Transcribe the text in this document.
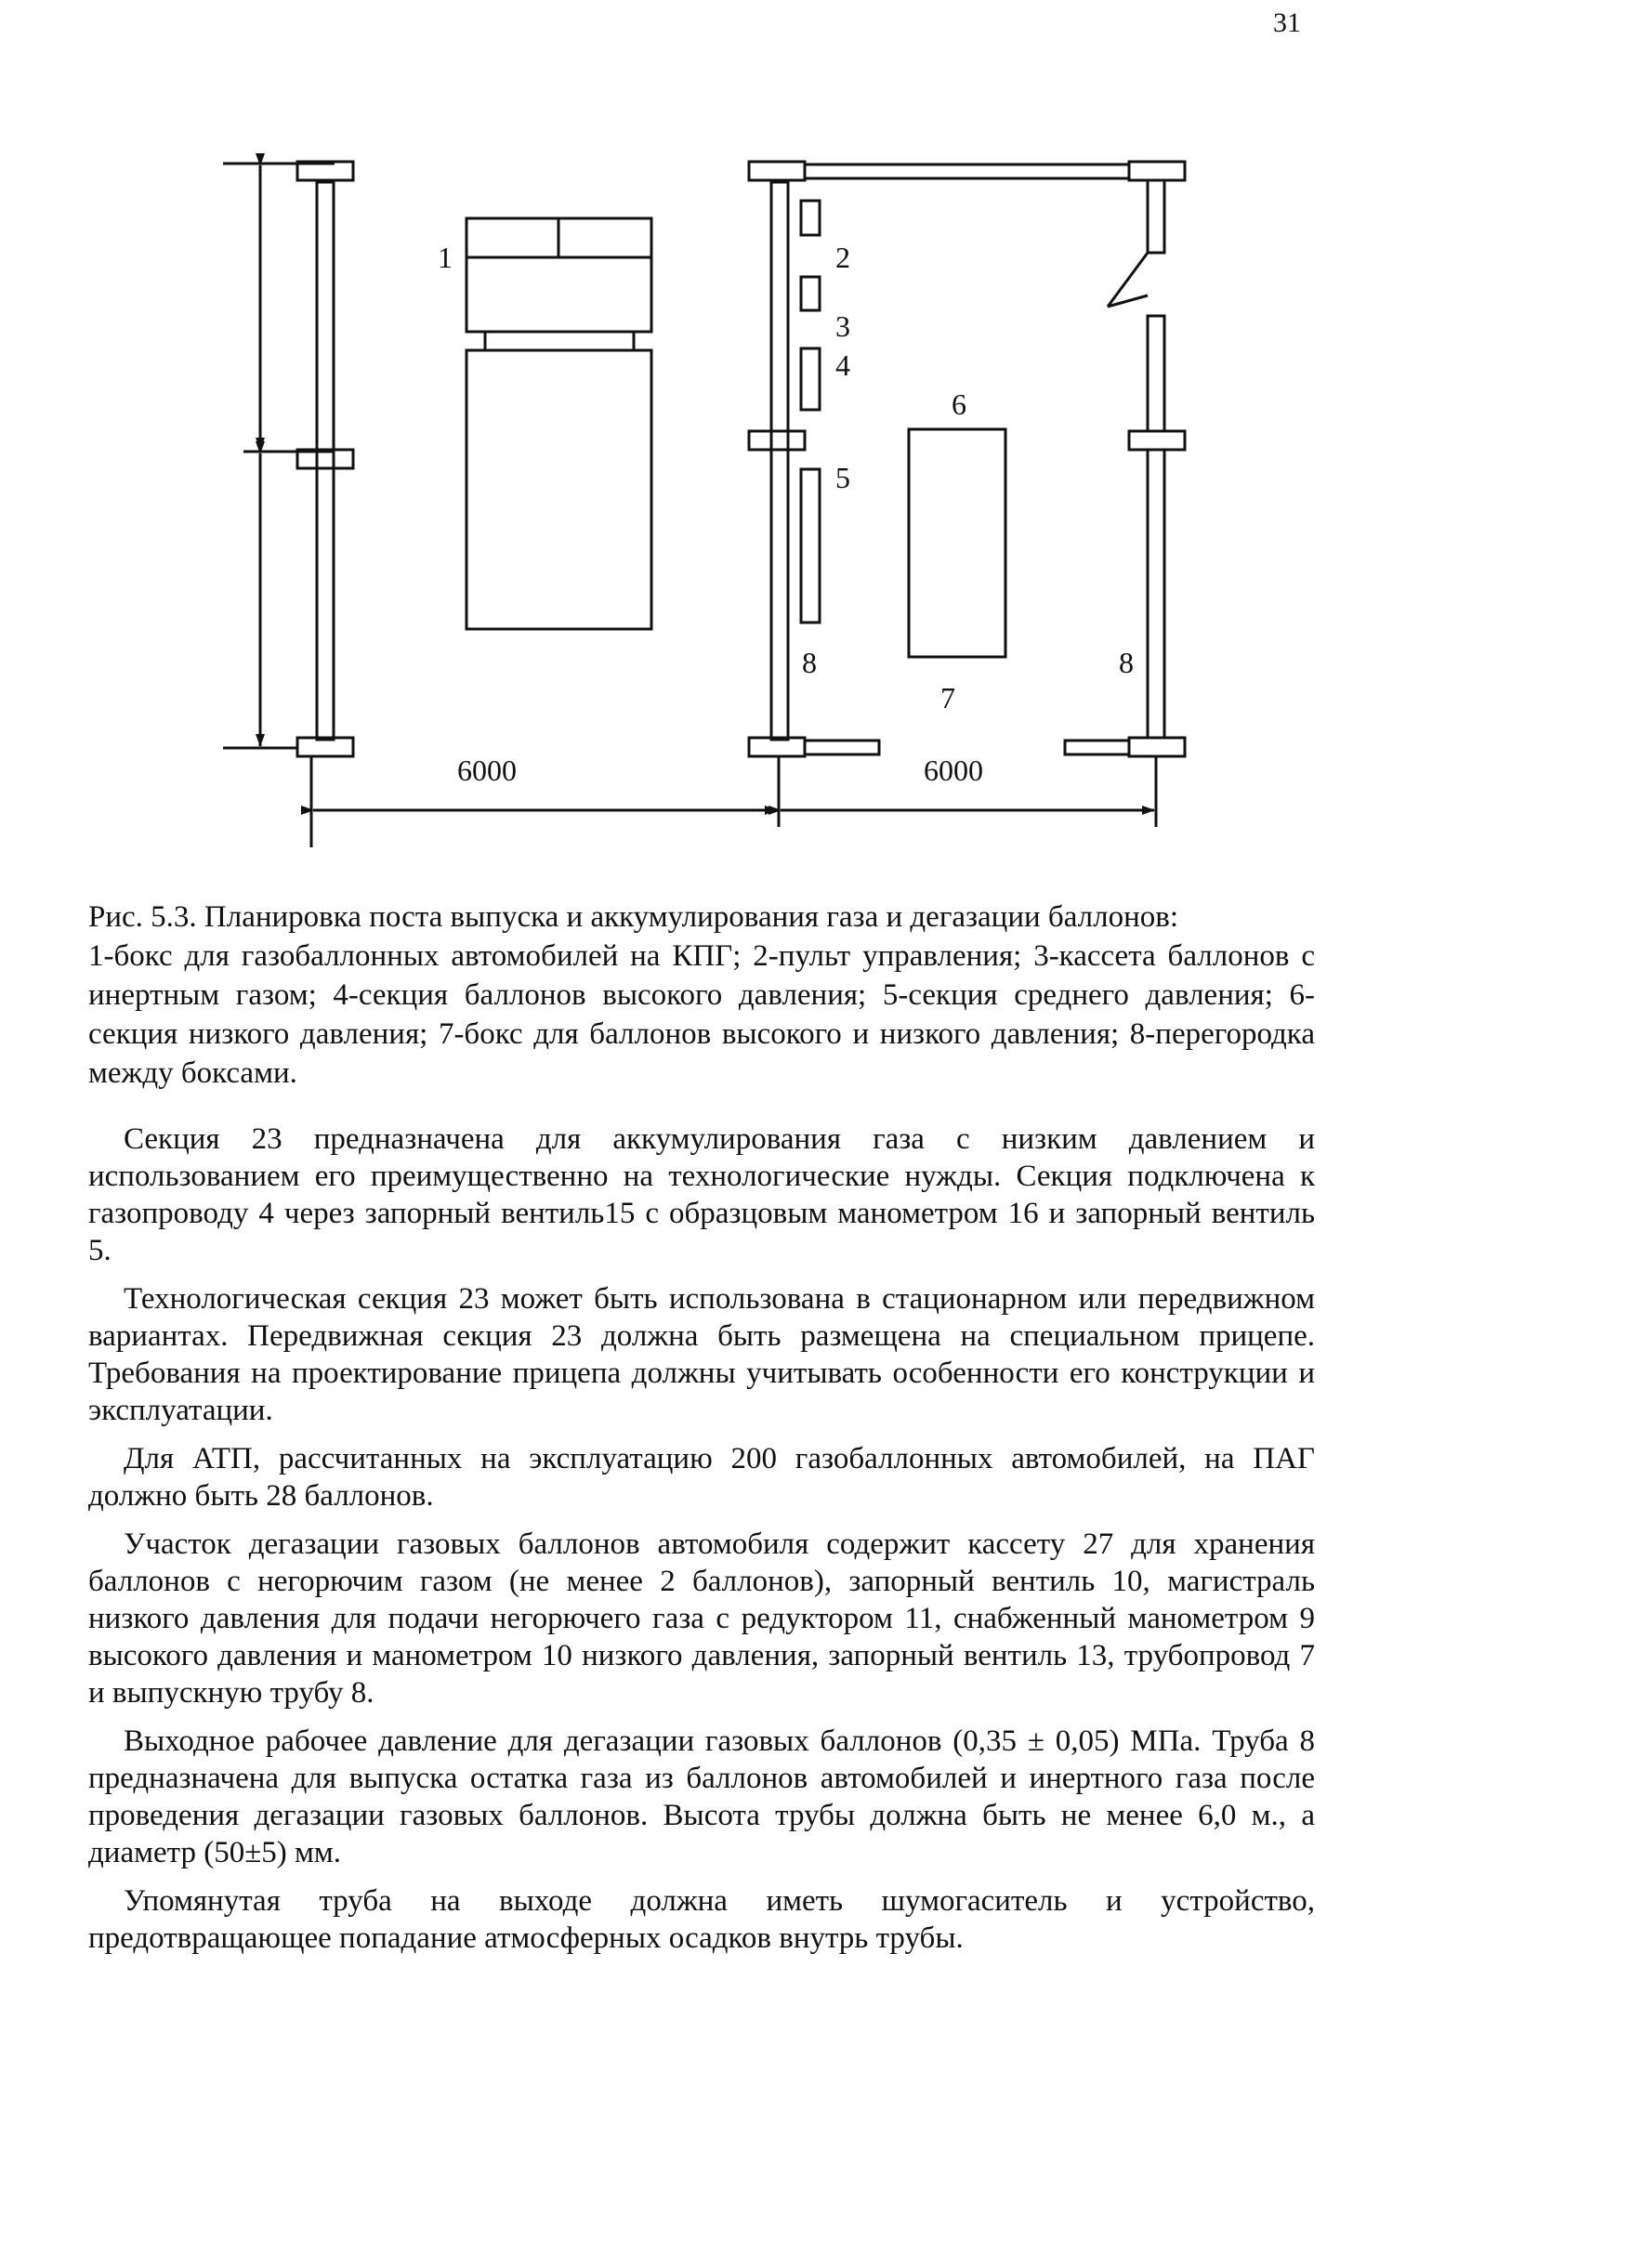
31
1	2
3
4
5
6
7
8	8
6000	6000

Рис. 5.3. Планировка поста выпуска и аккумулирования газа и дегазации баллонов:

1-бокс для газобаллонных автомобилей на КПГ; 2-пульт управления; 3-кассета баллонов с инертным газом; 4-секция баллонов высокого давления; 5-секция среднего давления; 6-секция низкого давления; 7-бокс для баллонов высокого и низкого давления; 8-перегородка между боксами.

Секция 23 предназначена для аккумулирования газа с низким давлением и использованием его преимущественно на технологические нужды. Секция подключена к газопроводу 4 через запорный вентиль15 с образцовым манометром 16 и запорный вентиль 5.

Технологическая секция 23 может быть использована в стационарном или передвижном вариантах. Передвижная секция 23 должна быть размещена на специальном прицепе. Требования на проектирование прицепа должны учитывать особенности его конструкции и эксплуатации.

Для АТП, рассчитанных на эксплуатацию 200 газобаллонных автомобилей, на ПАГ должно быть 28 баллонов.

Участок дегазации газовых баллонов автомобиля содержит кассету 27 для хранения баллонов с негорючим газом (не менее 2 баллонов), запорный вентиль 10, магистраль низкого давления для подачи негорючего газа с редуктором 11, снабженный манометром 9 высокого давления и манометром 10 низкого давления, запорный вентиль 13, трубопровод 7 и выпускную трубу 8.

Выходное рабочее давление для дегазации газовых баллонов (0,35 ± 0,05) МПа. Труба 8 предназначена для выпуска остатка газа из баллонов автомобилей и инертного газа после проведения дегазации газовых баллонов. Высота трубы должна быть не менее 6,0 м., а диаметр (50±5) мм.

Упомянутая труба на выходе должна иметь шумогаситель и устройство, предотвращающее попадание атмосферных осадков внутрь трубы.
